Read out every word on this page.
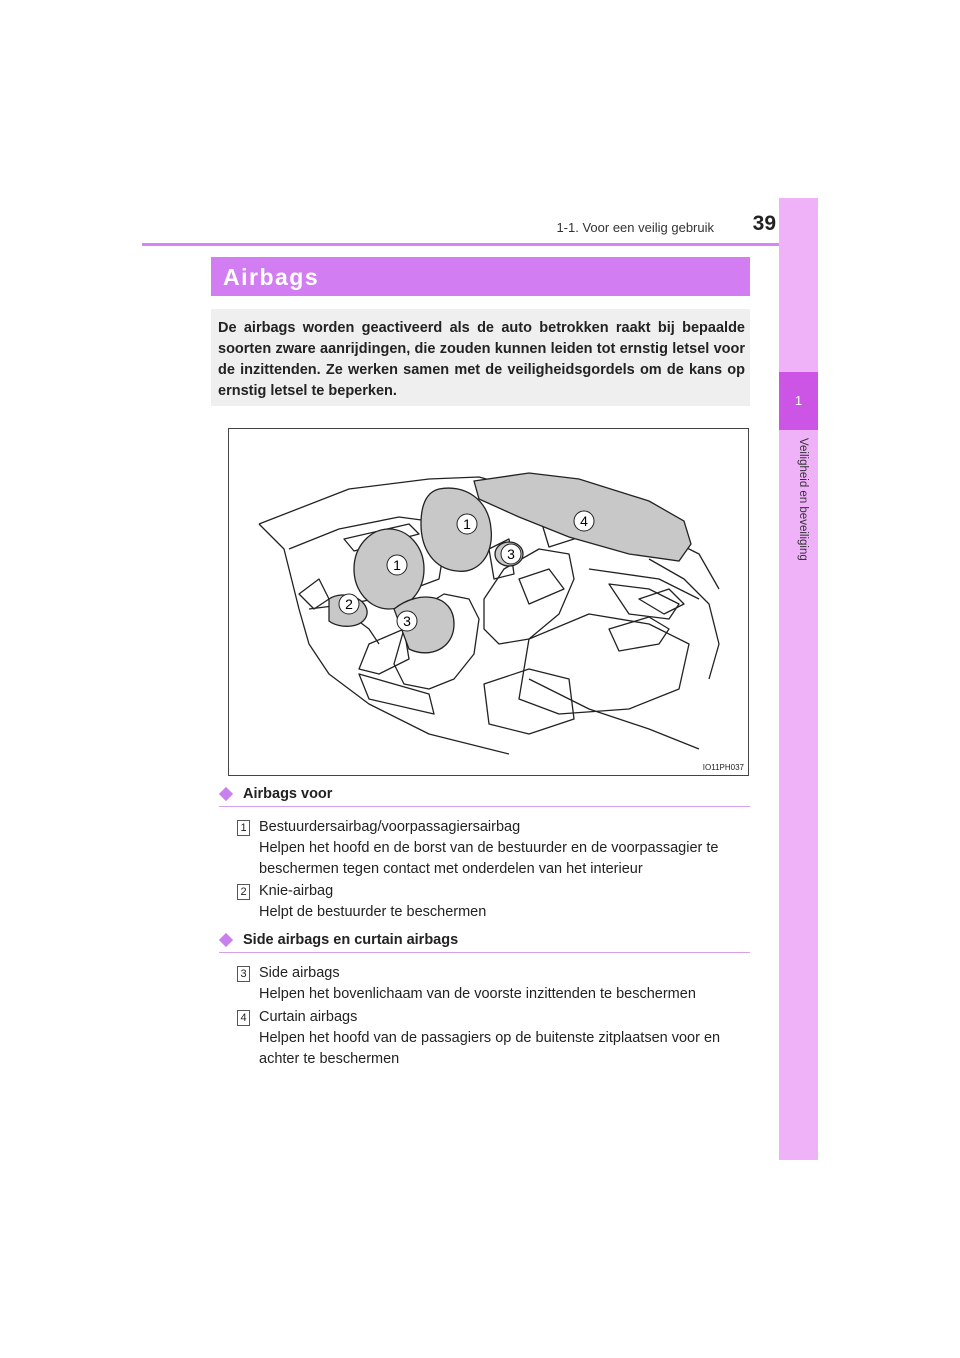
1-1. Voor een veilig gebruik	39
1
Veiligheid en beveiliging
Airbags
De airbags worden geactiveerd als de auto betrokken raakt bij bepaalde soorten zware aanrijdingen, die zouden kunnen leiden tot ernstig letsel voor de inzittenden. Ze werken samen met de veiligheidsgordels om de kans op ernstig letsel te beperken.
1
1
2
3
3
4
IO11PH037
Airbags voor
1 Bestuurdersairbag/voorpassagiersairbag
Helpen het hoofd en de borst van de bestuurder en de voorpassagier te beschermen tegen contact met onderdelen van het interieur
2 Knie-airbag
Helpt de bestuurder te beschermen
Side airbags en curtain airbags
3 Side airbags
Helpen het bovenlichaam van de voorste inzittenden te beschermen
4 Curtain airbags
Helpen het hoofd van de passagiers op de buitenste zitplaatsen voor en achter te beschermen
